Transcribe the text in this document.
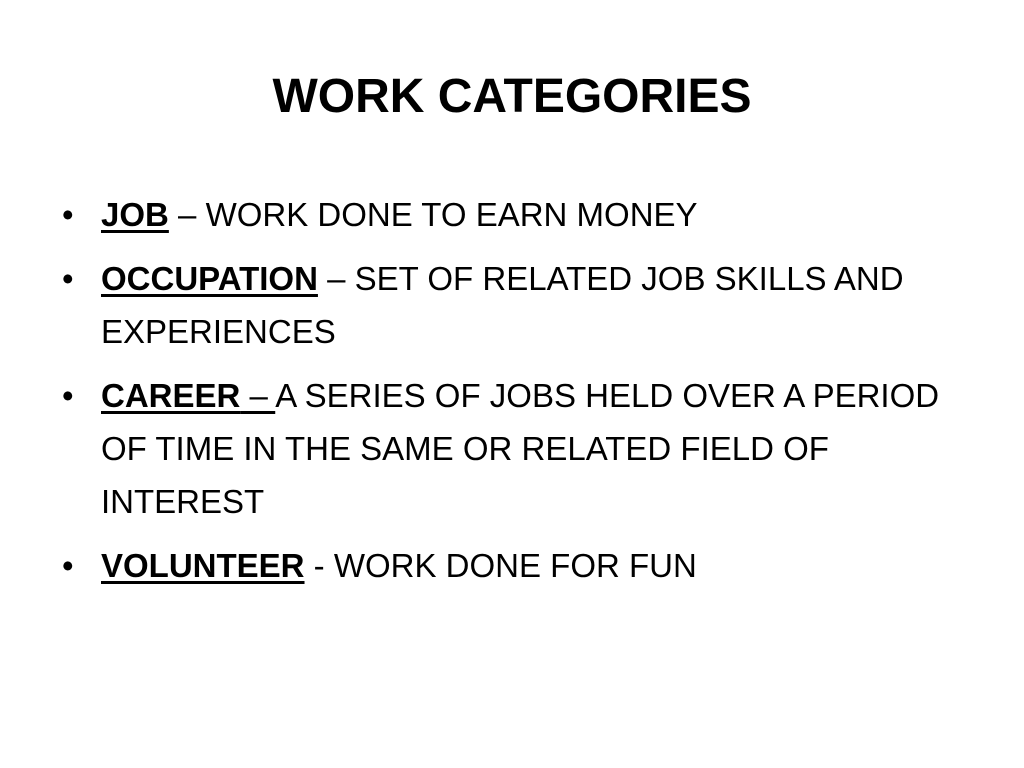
WORK CATEGORIES
• JOB – WORK DONE TO EARN MONEY
• OCCUPATION – SET OF RELATED JOB SKILLS AND EXPERIENCES
• CAREER – A SERIES OF JOBS HELD OVER A PERIOD OF TIME IN THE SAME OR RELATED FIELD OF INTEREST
• VOLUNTEER - WORK DONE FOR FUN
